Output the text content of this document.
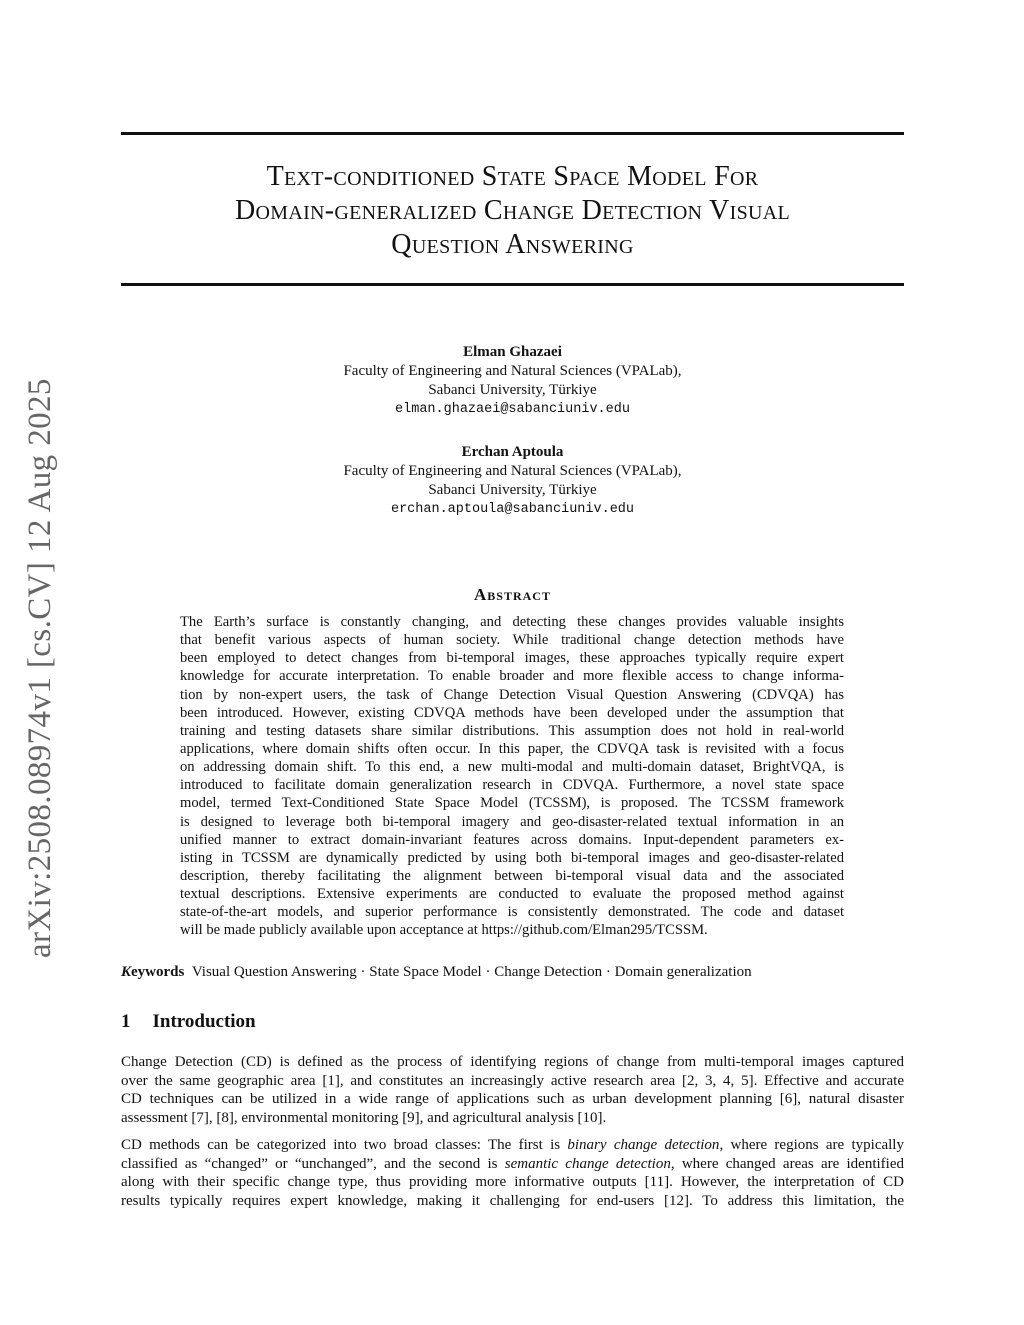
Text-conditioned State Space Model For
Domain-generalized Change Detection Visual
Question Answering
arXiv:2508.08974v1 [cs.CV] 12 Aug 2025
Elman Ghazaei
Faculty of Engineering and Natural Sciences (VPALab),
Sabanci University, Türkiye
elman.ghazaei@sabanciuniv.edu
Erchan Aptoula
Faculty of Engineering and Natural Sciences (VPALab),
Sabanci University, Türkiye
erchan.aptoula@sabanciuniv.edu
Abstract
The Earth’s surface is constantly changing, and detecting these changes provides valuable insights
that benefit various aspects of human society. While traditional change detection methods have
been employed to detect changes from bi-temporal images, these approaches typically require expert
knowledge for accurate interpretation. To enable broader and more flexible access to change informa-
tion by non-expert users, the task of Change Detection Visual Question Answering (CDVQA) has
been introduced. However, existing CDVQA methods have been developed under the assumption that
training and testing datasets share similar distributions. This assumption does not hold in real-world
applications, where domain shifts often occur. In this paper, the CDVQA task is revisited with a focus
on addressing domain shift. To this end, a new multi-modal and multi-domain dataset, BrightVQA, is
introduced to facilitate domain generalization research in CDVQA. Furthermore, a novel state space
model, termed Text-Conditioned State Space Model (TCSSM), is proposed. The TCSSM framework
is designed to leverage both bi-temporal imagery and geo-disaster-related textual information in an
unified manner to extract domain-invariant features across domains. Input-dependent parameters ex-
isting in TCSSM are dynamically predicted by using both bi-temporal images and geo-disaster-related
description, thereby facilitating the alignment between bi-temporal visual data and the associated
textual descriptions. Extensive experiments are conducted to evaluate the proposed method against
state-of-the-art models, and superior performance is consistently demonstrated. The code and dataset
will be made publicly available upon acceptance at https://github.com/Elman295/TCSSM.
Keywords Visual Question Answering · State Space Model · Change Detection · Domain generalization
1 Introduction
Change Detection (CD) is defined as the process of identifying regions of change from multi-temporal images captured
over the same geographic area [1], and constitutes an increasingly active research area [2, 3, 4, 5]. Effective and accurate
CD techniques can be utilized in a wide range of applications such as urban development planning [6], natural disaster
assessment [7], [8], environmental monitoring [9], and agricultural analysis [10].
CD methods can be categorized into two broad classes: The first is binary change detection, where regions are typically
classified as “changed” or “unchanged”, and the second is semantic change detection, where changed areas are identified
along with their specific change type, thus providing more informative outputs [11]. However, the interpretation of CD
results typically requires expert knowledge, making it challenging for end-users [12]. To address this limitation, the
